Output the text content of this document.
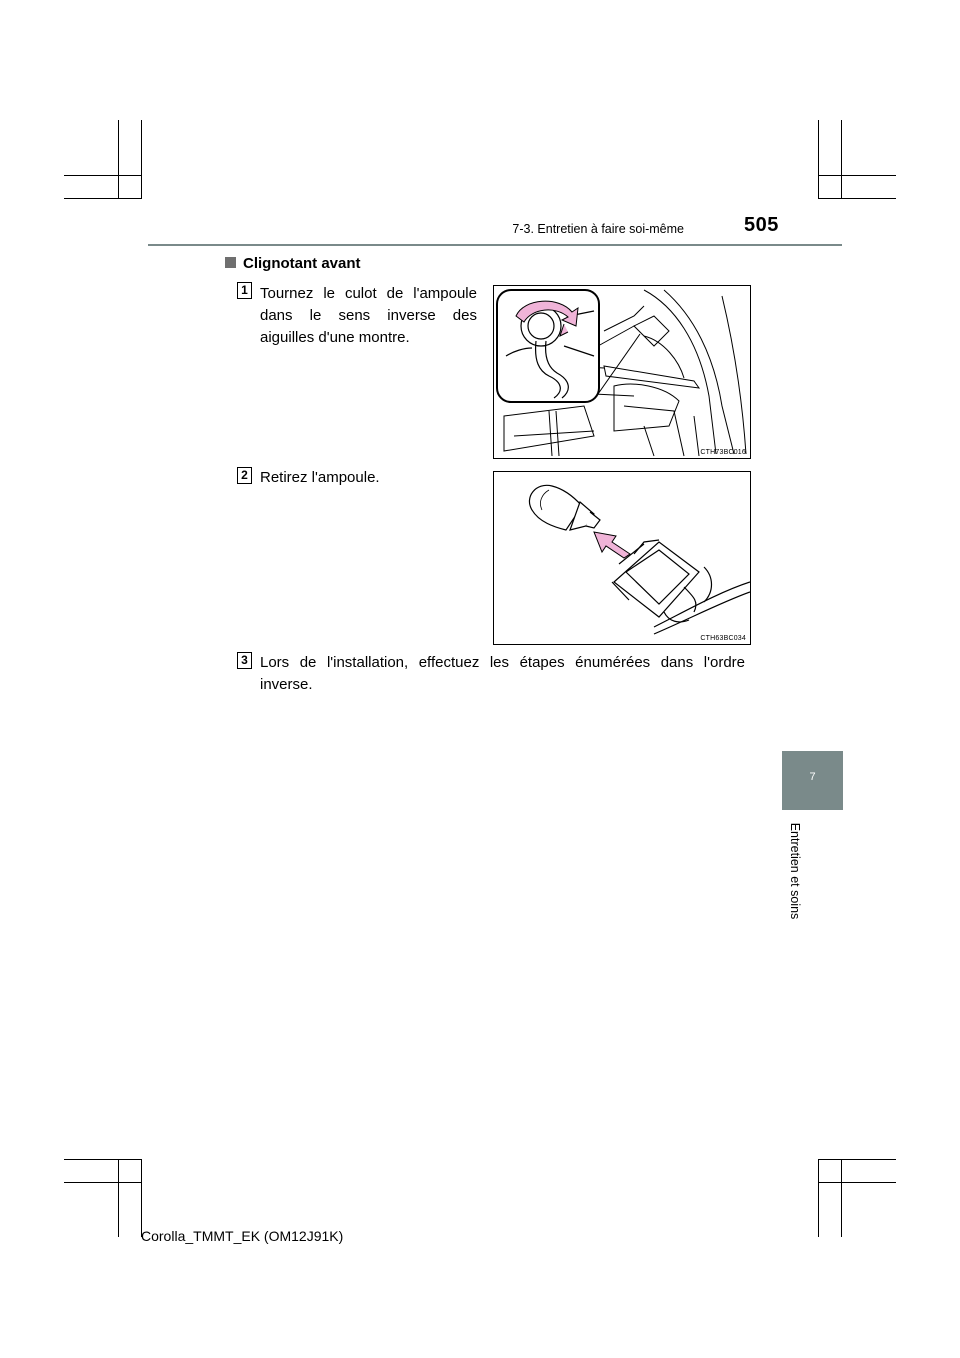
7-3. Entretien à faire soi-même	505
7
Entretien et soins
Clignotant avant
1 Tournez le culot de l'ampoule dans le sens inverse des aiguilles d'une montre.
CTH73BC016
2 Retirez l'ampoule.
CTH63BC034
3 Lors de l'installation, effectuez les étapes énumérées dans l'ordre inverse.
Corolla_TMMT_EK (OM12J91K)
